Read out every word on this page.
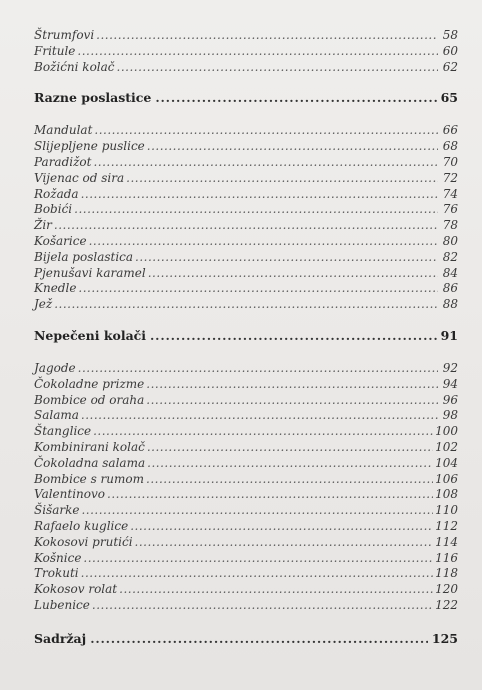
Štrumfovi .....	58
Fritule .....	60
Božićni kolač .....	62
Razne poslastice .....	65
Mandulat .....	66
Slijepljene puslice .....	68
Paradižot .....	70
Vijenac od sira .....	72
Rožada .....	74
Bobići .....	76
Žir .....	78
Košarice .....	80
Bijela poslastica .....	82
Pjenušavi karamel .....	84
Knedle .....	86
Jež .....	88
Nepečeni kolači .....	91
Jagode .....	92
Čokoladne prizme .....	94
Bombice od oraha .....	96
Salama .....	98
Štanglice .....	100
Kombinirani kolač .....	102
Čokoladna salama .....	104
Bombice s rumom .....	106
Valentinovo .....	108
Šišarke .....	110
Rafaelo kuglice .....	112
Kokosovi prutići .....	114
Košnice .....	116
Trokuti .....	118
Kokosov rolat .....	120
Lubenice .....	122
Sadržaj .....	125
